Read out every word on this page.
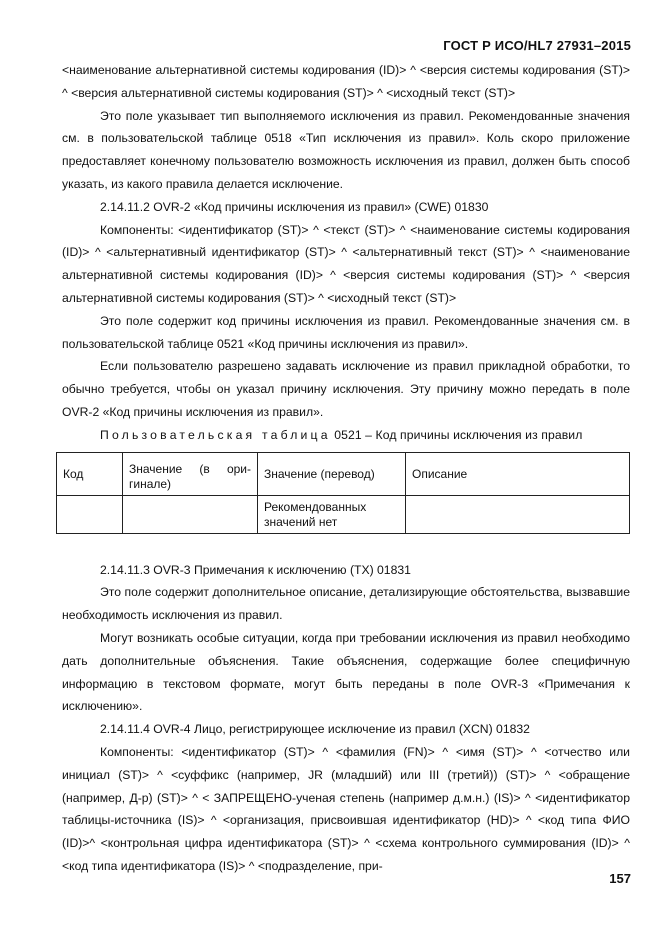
ГОСТ Р ИСО/HL7 27931–2015

<наименование альтернативной системы кодирования (ID)> ^ <версия системы кодирования (ST)> ^ <версия альтернативной системы кодирования (ST)> ^ <исходный текст (ST)>

Это поле указывает тип выполняемого исключения из правил. Рекомендованные значения см. в пользовательской таблице 0518 «Тип исключения из правил». Коль скоро приложение предоставляет конечному пользователю возможность исключения из правил, должен быть способ указать, из какого правила делается исключение.

2.14.11.2 OVR-2 «Код причины исключения из правил» (CWE) 01830

Компоненты: <идентификатор (ST)> ^ <текст (ST)> ^ <наименование системы кодирования (ID)> ^ <альтернативный идентификатор (ST)> ^ <альтернативный текст (ST)> ^ <наименование альтернативной системы кодирования (ID)> ^ <версия системы кодирования (ST)> ^ <версия альтернативной системы кодирования (ST)> ^ <исходный текст (ST)>

Это поле содержит код причины исключения из правил. Рекомендованные значения см. в пользовательской таблице 0521 «Код причины исключения из правил».

Если пользователю разрешено задавать исключение из правил прикладной обработки, то обычно требуется, чтобы он указал причину исключения. Эту причину можно передать в поле OVR-2 «Код причины исключения из правил».

Пользовательская таблица 0521 – Код причины исключения из правил

Код	Значение (в ори-
гинале)	Значение (перевод)	Описание
		Рекомендованных
значений нет	

2.14.11.3 OVR-3 Примечания к исключению (TX) 01831

Это поле содержит дополнительное описание, детализирующие обстоятельства, вызвавшие необходимость исключения из правил.

Могут возникать особые ситуации, когда при требовании исключения из правил необходимо дать дополнительные объяснения. Такие объяснения, содержащие более специфичную информацию в текстовом формате, могут быть переданы в поле OVR-3 «Примечания к исключению».

2.14.11.4 OVR-4 Лицо, регистрирующее исключение из правил (XCN) 01832

Компоненты: <идентификатор (ST)> ^ <фамилия (FN)> ^ <имя (ST)> ^ <отчество или инициал (ST)> ^ <суффикс (например, JR (младший) или III (третий)) (ST)> ^ <обращение (например, Д-р) (ST)> ^ < ЗАПРЕЩЕНО-ученая степень (например д.м.н.) (IS)> ^ <идентификатор таблицы-источника (IS)> ^ <организация, присвоившая идентификатор (HD)> ^ <код типа ФИО (ID)>^ <контрольная цифра идентификатора (ST)> ^ <схема контрольного суммирования (ID)> ^ <код типа идентификатора (IS)> ^ <подразделение, при-

157
